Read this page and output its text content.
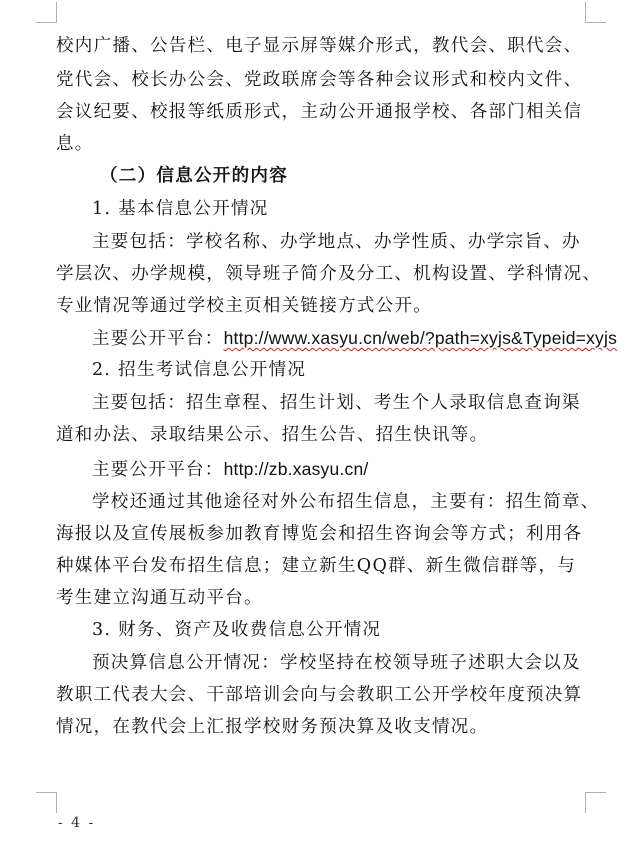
校内广播、公告栏、电子显示屏等媒介形式，教代会、职代会、
党代会、校长办公会、党政联席会等各种会议形式和校内文件、
会议纪要、校报等纸质形式，主动公开通报学校、各部门相关信
息。
（二）信息公开的内容
1. 基本信息公开情况
主要包括：学校名称、办学地点、办学性质、办学宗旨、办
学层次、办学规模，领导班子简介及分工、机构设置、学科情况、
专业情况等通过学校主页相关链接方式公开。
主要公开平台：http://www.xasyu.cn/web/?path=xyjs&Typeid=xyjs
2. 招生考试信息公开情况
主要包括：招生章程、招生计划、考生个人录取信息查询渠
道和办法、录取结果公示、招生公告、招生快讯等。
主要公开平台：http://zb.xasyu.cn/
学校还通过其他途径对外公布招生信息，主要有：招生简章、
海报以及宣传展板参加教育博览会和招生咨询会等方式；利用各
种媒体平台发布招生信息；建立新生QQ群、新生微信群等，与
考生建立沟通互动平台。
3. 财务、资产及收费信息公开情况
预决算信息公开情况：学校坚持在校领导班子述职大会以及
教职工代表大会、干部培训会向与会教职工公开学校年度预决算
情况，在教代会上汇报学校财务预决算及收支情况。
- 4 -
